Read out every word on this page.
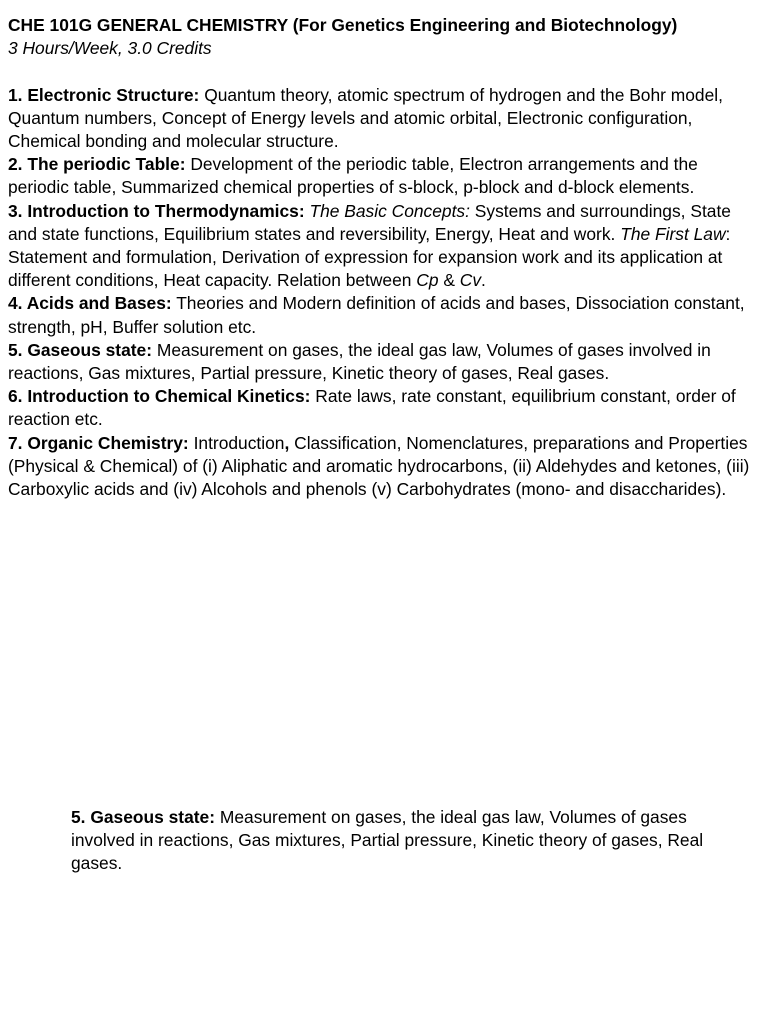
CHE 101G GENERAL CHEMISTRY (For Genetics Engineering and Biotechnology)

3 Hours/Week, 3.0 Credits

1. Electronic Structure: Quantum theory, atomic spectrum of hydrogen and the Bohr model, Quantum numbers, Concept of Energy levels and atomic orbital, Electronic configuration, Chemical bonding and molecular structure.

2. The periodic Table: Development of the periodic table, Electron arrangements and the periodic table, Summarized chemical properties of s-block, p-block and d-block elements.

3. Introduction to Thermodynamics: The Basic Concepts: Systems and surroundings, State and state functions, Equilibrium states and reversibility, Energy, Heat and work. The First Law: Statement and formulation, Derivation of expression for expansion work and its application at different conditions, Heat capacity. Relation between Cp & Cv.

4. Acids and Bases: Theories and Modern definition of acids and bases, Dissociation constant, strength, pH, Buffer solution etc.

5. Gaseous state: Measurement on gases, the ideal gas law, Volumes of gases involved in reactions, Gas mixtures, Partial pressure, Kinetic theory of gases, Real gases.

6. Introduction to Chemical Kinetics: Rate laws, rate constant, equilibrium constant, order of reaction etc.

7. Organic Chemistry: Introduction, Classification, Nomenclatures, preparations and Properties (Physical & Chemical) of (i) Aliphatic and aromatic hydrocarbons, (ii) Aldehydes and ketones, (iii) Carboxylic acids and (iv) Alcohols and phenols (v) Carbohydrates (mono- and disaccharides).

5. Gaseous state: Measurement on gases, the ideal gas law, Volumes of gases involved in reactions, Gas mixtures, Partial pressure, Kinetic theory of gases, Real gases.
